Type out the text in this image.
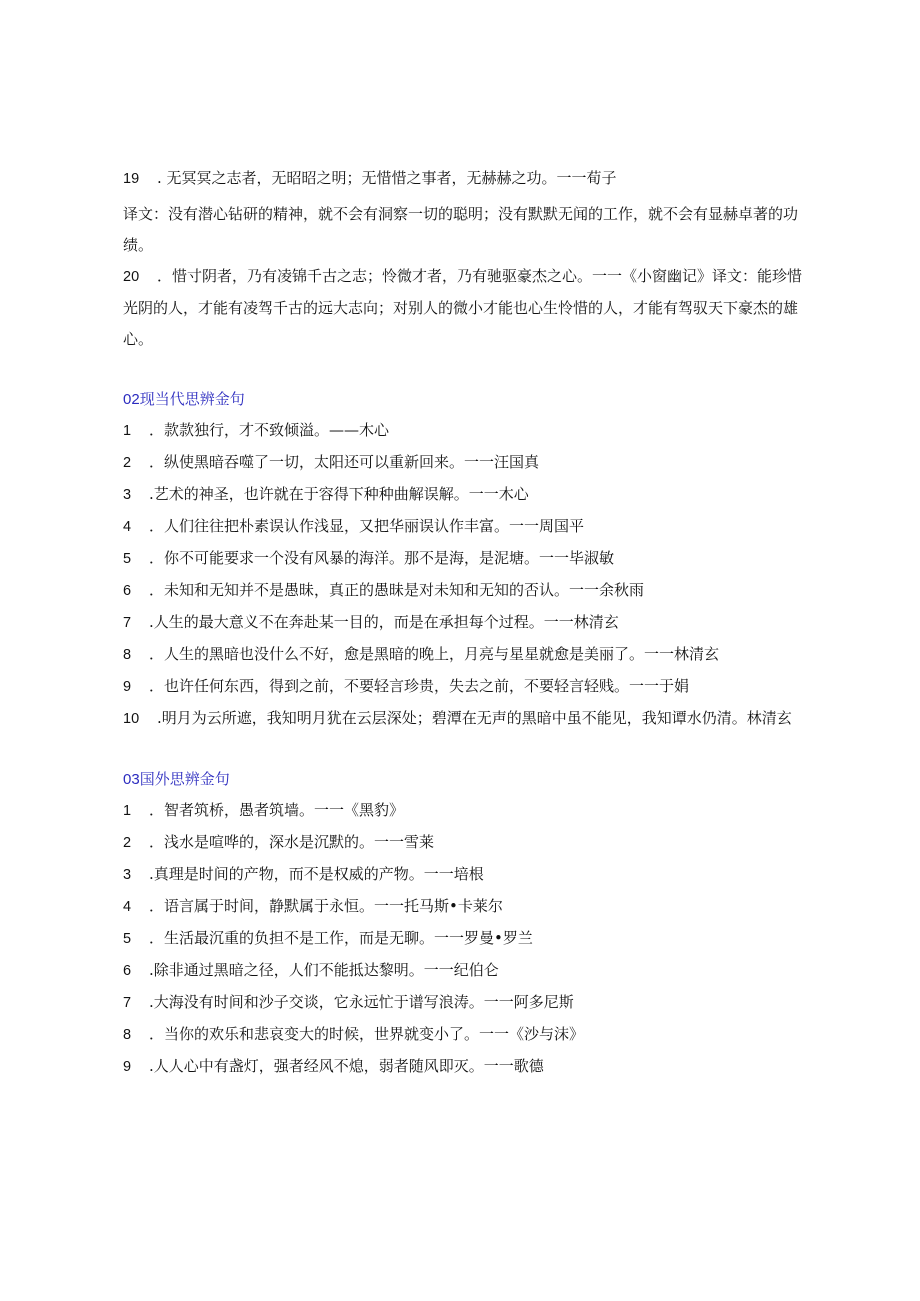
19 . 无冥冥之志者，无昭昭之明；无惜惜之事者，无赫赫之功。一一荀子
译文：没有潜心钻研的精神，就不会有洞察一切的聪明；没有默默无闻的工作，就不会有显赫卓著的功绩。
20 ．惜寸阴者，乃有凌锦千古之志；怜微才者，乃有驰驱豪杰之心。一一《小窗幽记》译文：能珍惜光阴的人，才能有凌驾千古的远大志向；对别人的微小才能也心生怜惜的人，才能有驾驭天下豪杰的雄心。
02现当代思辨金句
1 ．款款独行，才不致倾溢。——木心
2 ．纵使黑暗吞噬了一切，太阳还可以重新回来。一一汪国真
3 .艺术的神圣，也许就在于容得下种种曲解误解。一一木心
4 ．人们往往把朴素误认作浅显，又把华丽误认作丰富。一一周国平
5 ．你不可能要求一个没有风暴的海洋。那不是海，是泥塘。一一毕淑敏
6 ．未知和无知并不是愚昧，真正的愚昧是对未知和无知的否认。一一余秋雨
7 .人生的最大意义不在奔赴某一目的，而是在承担每个过程。一一林清玄
8 ．人生的黑暗也没什么不好，愈是黑暗的晚上，月亮与星星就愈是美丽了。一一林清玄
9 ．也许任何东西，得到之前，不要轻言珍贵，失去之前，不要轻言轻贱。一一于娟
10 .明月为云所遮，我知明月犹在云层深处；碧潭在无声的黑暗中虽不能见，我知谭水仍清。林清玄
03国外思辨金句
1 ．智者筑桥，愚者筑墙。一一《黑豹》
2 ．浅水是喧哗的，深水是沉默的。一一雪莱
3 .真理是时间的产物，而不是权威的产物。一一培根
4 ．语言属于时间，静默属于永恒。一一托马斯•卡莱尔
5 ．生活最沉重的负担不是工作，而是无聊。一一罗曼•罗兰
6 .除非通过黑暗之径，人们不能抵达黎明。一一纪伯仑
7 .大海没有时间和沙子交谈，它永远忙于谱写浪涛。一一阿多尼斯
8 ．当你的欢乐和悲哀变大的时候，世界就变小了。一一《沙与沫》
9 .人人心中有盏灯，强者经风不熄，弱者随风即灭。一一歌德
